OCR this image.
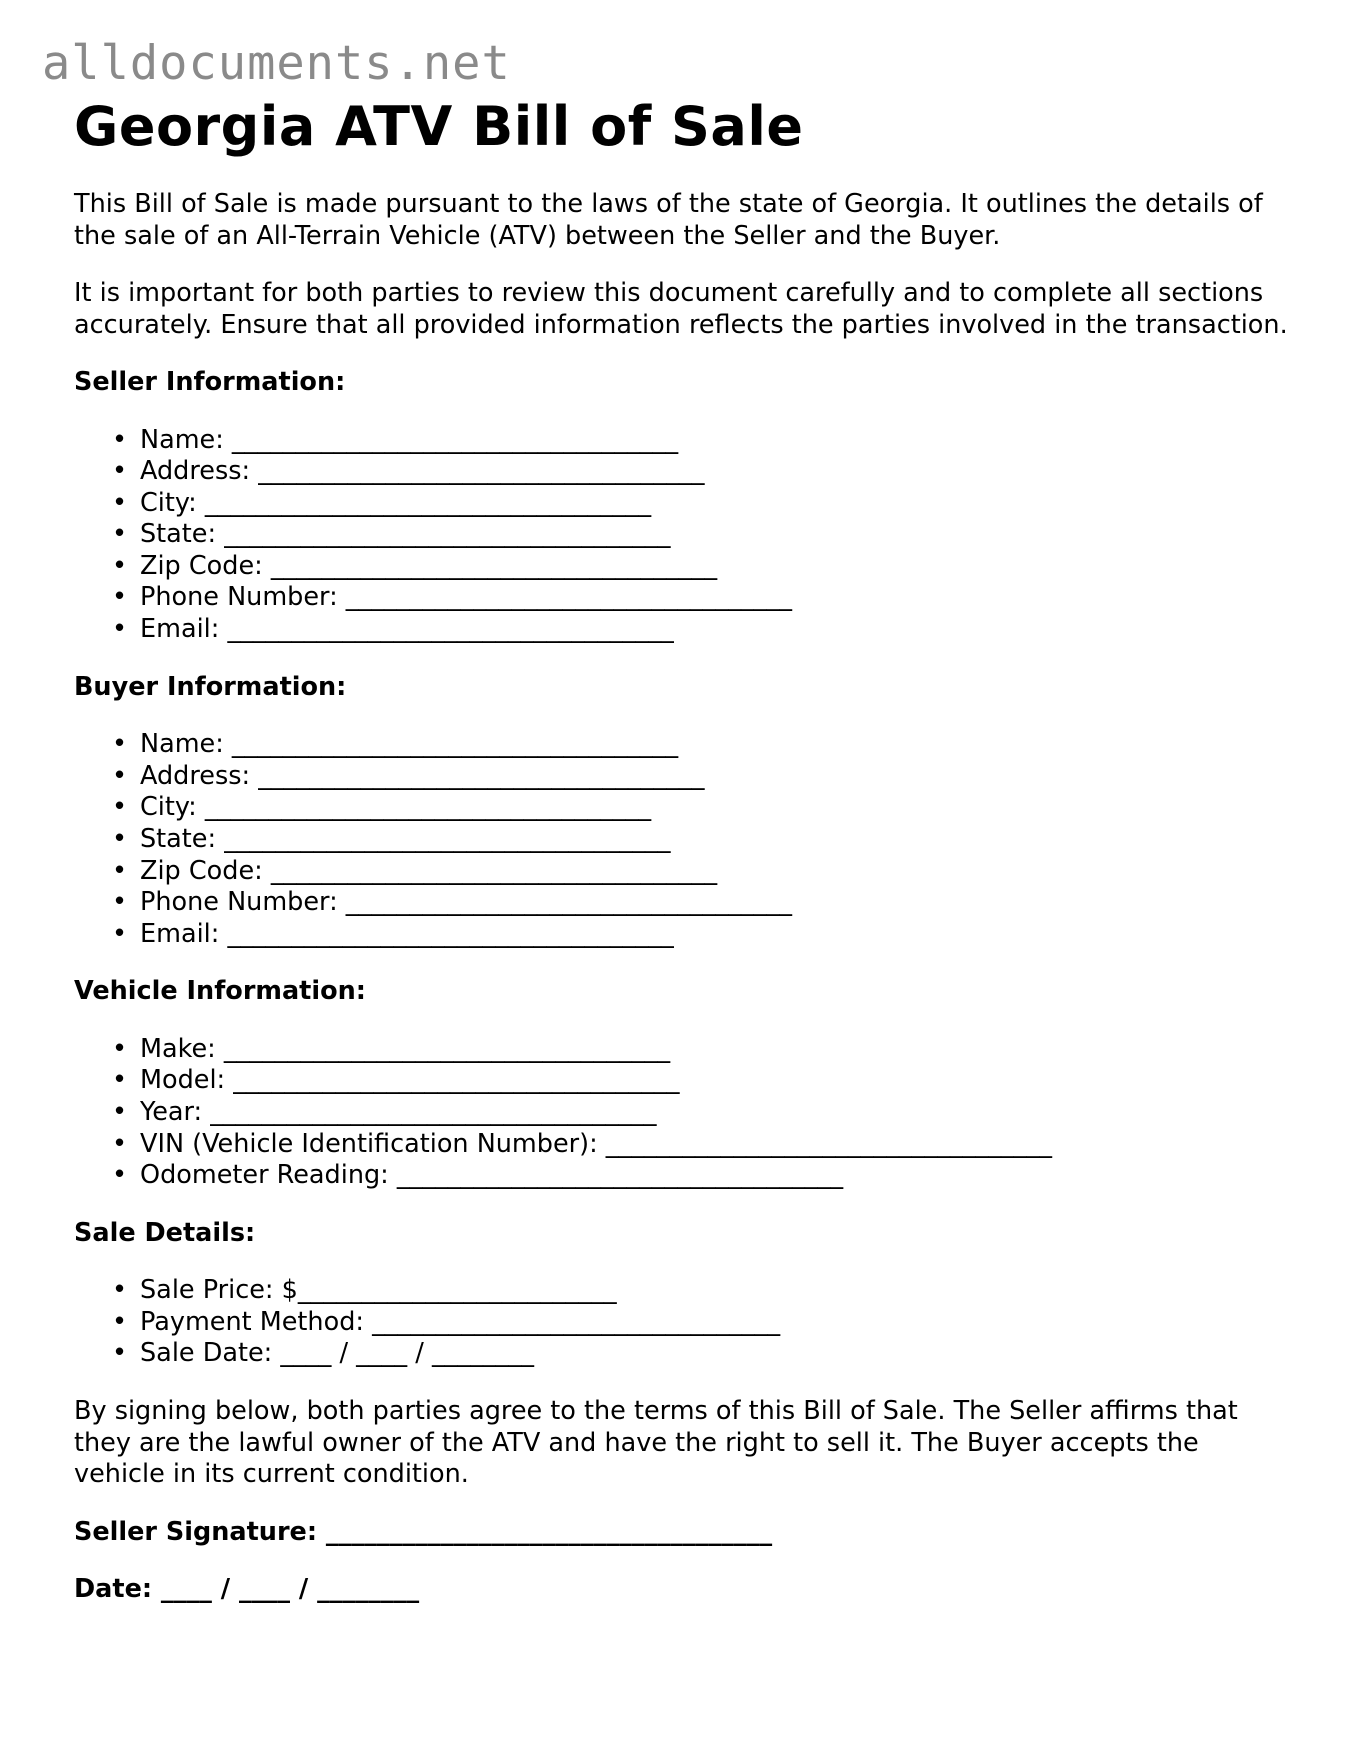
alldocuments.net
Georgia ATV Bill of Sale

This Bill of Sale is made pursuant to the laws of the state of Georgia. It outlines the details of the sale of an All-Terrain Vehicle (ATV) between the Seller and the Buyer.

It is important for both parties to review this document carefully and to complete all sections accurately. Ensure that all provided information reflects the parties involved in the transaction.

Seller Information:
• Name: ___________________________________
• Address: ___________________________________
• City: ___________________________________
• State: ___________________________________
• Zip Code: ___________________________________
• Phone Number: ___________________________________
• Email: ___________________________________
Buyer Information:
• Name: ___________________________________
• Address: ___________________________________
• City: ___________________________________
• State: ___________________________________
• Zip Code: ___________________________________
• Phone Number: ___________________________________
• Email: ___________________________________
Vehicle Information:
• Make: ___________________________________
• Model: ___________________________________
• Year: ___________________________________
• VIN (Vehicle Identification Number): ___________________________________
• Odometer Reading: ___________________________________
Sale Details:
• Sale Price: $_________________________
• Payment Method: ________________________________
• Sale Date: ____ / ____ / ________

By signing below, both parties agree to the terms of this Bill of Sale. The Seller affirms that they are the lawful owner of the ATV and have the right to sell it. The Buyer accepts the vehicle in its current condition.

Seller Signature: ___________________________________
Date: ____ / ____ / ________
